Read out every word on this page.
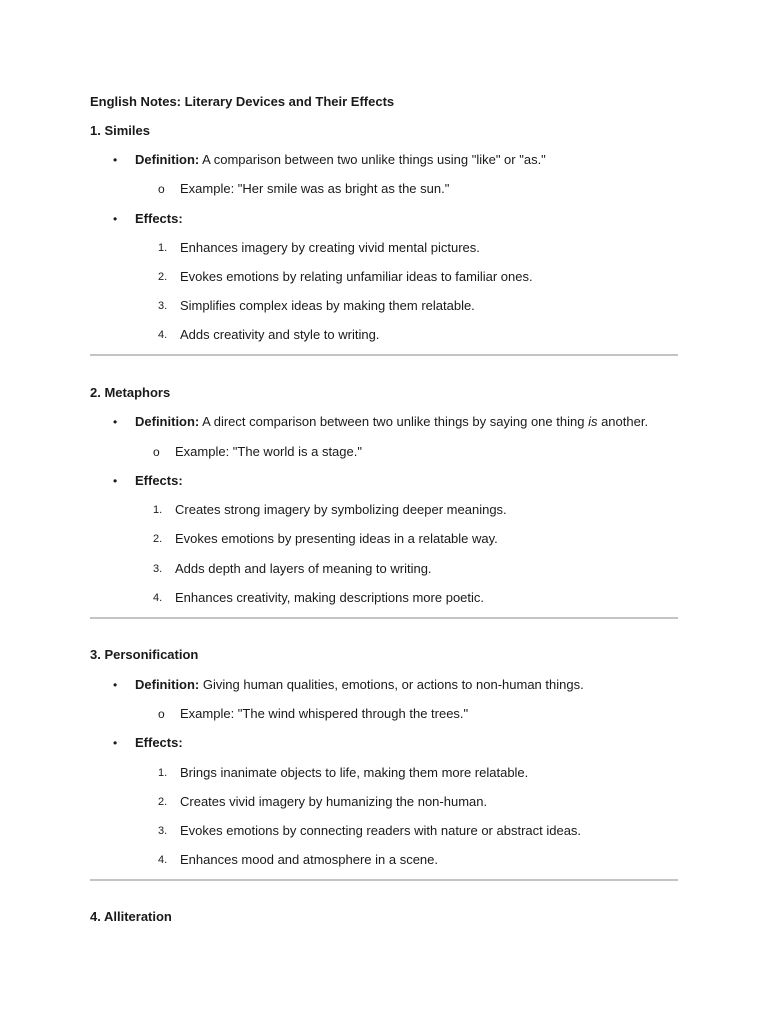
English Notes: Literary Devices and Their Effects
1. Similes
•	Definition: A comparison between two unlike things using "like" or "as."
o Example: "Her smile was as bright as the sun."
•	Effects:
1. Enhances imagery by creating vivid mental pictures.
2. Evokes emotions by relating unfamiliar ideas to familiar ones.
3. Simplifies complex ideas by making them relatable.
4. Adds creativity and style to writing.
2. Metaphors
•	Definition: A direct comparison between two unlike things by saying one thing is another.
o Example: "The world is a stage."
•	Effects:
1. Creates strong imagery by symbolizing deeper meanings.
2. Evokes emotions by presenting ideas in a relatable way.
3. Adds depth and layers of meaning to writing.
4. Enhances creativity, making descriptions more poetic.
3. Personification
•	Definition: Giving human qualities, emotions, or actions to non-human things.
o Example: "The wind whispered through the trees."
•	Effects:
1. Brings inanimate objects to life, making them more relatable.
2. Creates vivid imagery by humanizing the non-human.
3. Evokes emotions by connecting readers with nature or abstract ideas.
4. Enhances mood and atmosphere in a scene.
4. Alliteration
